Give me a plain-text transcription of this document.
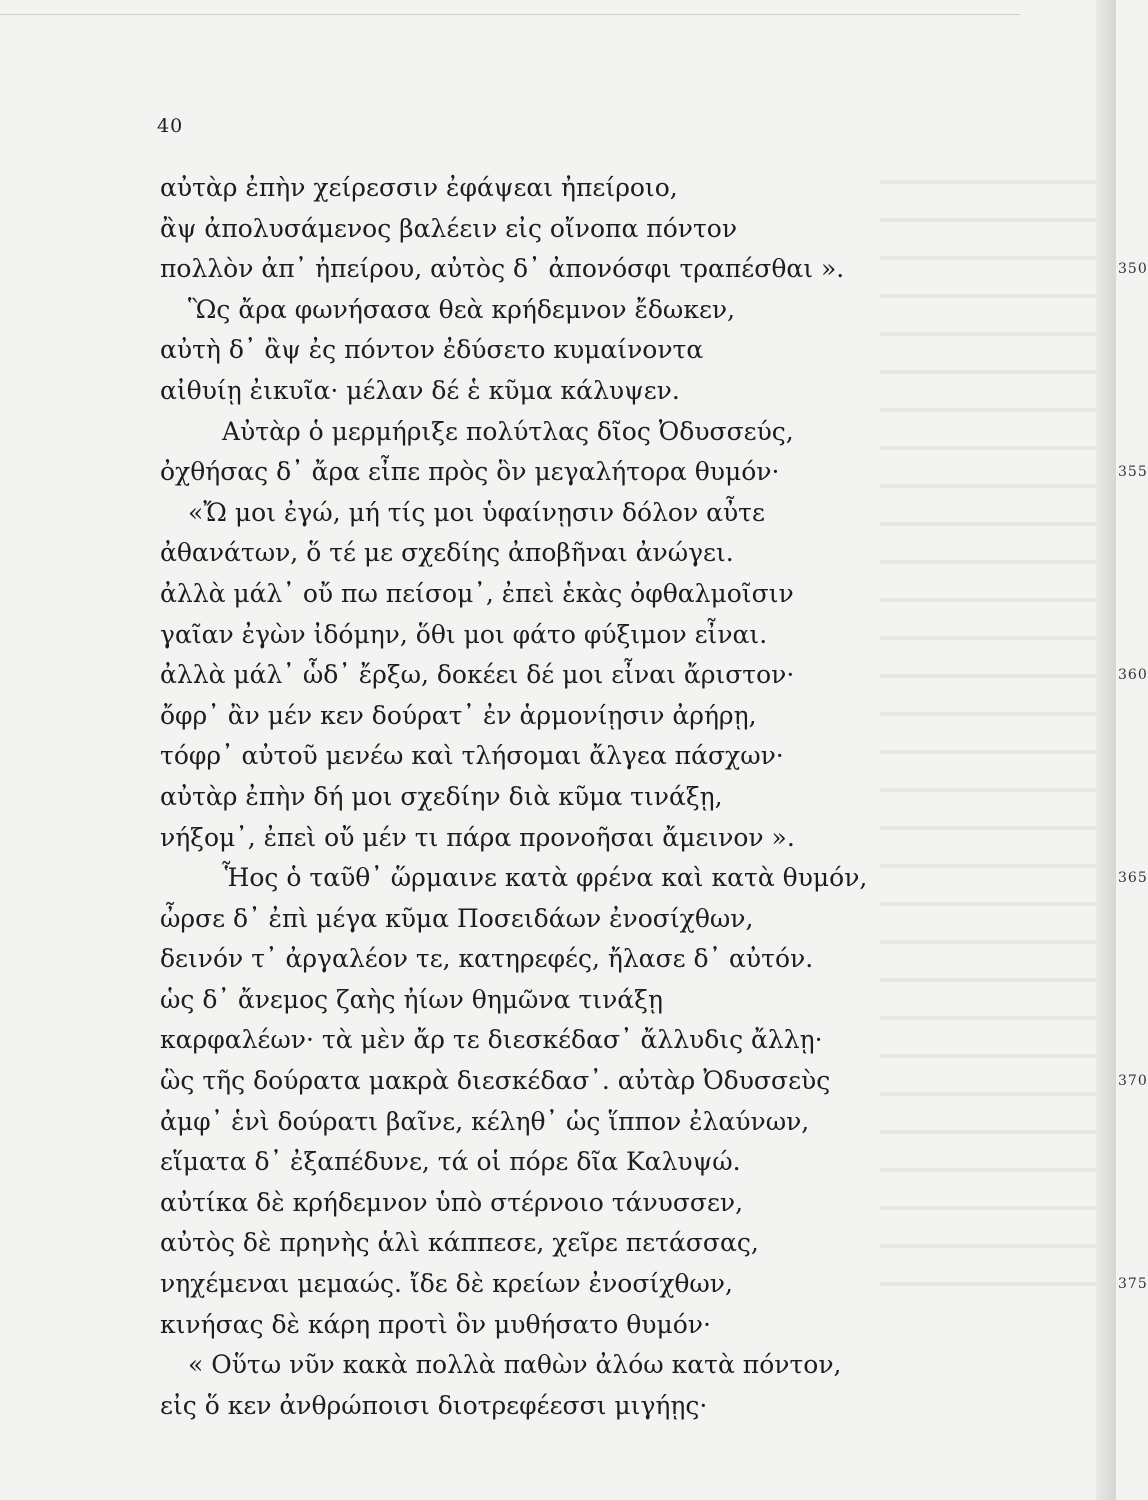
40
αὐτὰρ ἐπὴν χείρεσσιν ἐφάψεαι ἠπείροιο,
ἂψ ἀπολυσάμενος βαλέειν εἰς οἴνοπα πόντον
πολλὸν ἀπ᾽ ἠπείρου, αὐτὸς δ᾽ ἀπονόσφι τραπέσθαι ».	350
Ὣς ἄρα φωνήσασα θεὰ κρήδεμνον ἔδωκεν,
αὐτὴ δ᾽ ἂψ ἐς πόντον ἐδύσετο κυμαίνοντα
αἰθυίῃ ἐικυῖα· μέλαν δέ ἑ κῦμα κάλυψεν.
Αὐτὰρ ὁ μερμήριξε πολύτλας δῖος Ὀδυσσεύς,
ὀχθήσας δ᾽ ἄρα εἶπε πρὸς ὃν μεγαλήτορα θυμόν·	355
«Ὤ μοι ἐγώ, μή τίς μοι ὑφαίνῃσιν δόλον αὖτε
ἀθανάτων, ὅ τέ με σχεδίης ἀποβῆναι ἀνώγει.
ἀλλὰ μάλ᾽ οὔ πω πείσομ᾽, ἐπεὶ ἑκὰς ὀφθαλμοῖσιν
γαῖαν ἐγὼν ἰδόμην, ὅθι μοι φάτο φύξιμον εἶναι.
ἀλλὰ μάλ᾽ ὧδ᾽ ἔρξω, δοκέει δέ μοι εἶναι ἄριστον·	360
ὄφρ᾽ ἂν μέν κεν δούρατ᾽ ἐν ἁρμονίῃσιν ἀρήρῃ,
τόφρ᾽ αὐτοῦ μενέω καὶ τλήσομαι ἄλγεα πάσχων·
αὐτὰρ ἐπὴν δή μοι σχεδίην διὰ κῦμα τινάξῃ,
νήξομ᾽, ἐπεὶ οὔ μέν τι πάρα προνοῆσαι ἄμεινον ».
Ἧος ὁ ταῦθ᾽ ὥρμαινε κατὰ φρένα καὶ κατὰ θυμόν,	365
ὦρσε δ᾽ ἐπὶ μέγα κῦμα Ποσειδάων ἐνοσίχθων,
δεινόν τ᾽ ἀργαλέον τε, κατηρεφές, ἤλασε δ᾽ αὐτόν.
ὡς δ᾽ ἄνεμος ζαὴς ἠίων θημῶνα τινάξῃ
καρφαλέων· τὰ μὲν ἄρ τε διεσκέδασ᾽ ἄλλυδις ἄλλῃ·
ὣς τῆς δούρατα μακρὰ διεσκέδασ᾽. αὐτὰρ Ὀδυσσεὺς	370
ἀμφ᾽ ἑνὶ δούρατι βαῖνε, κέληθ᾽ ὡς ἵππον ἐλαύνων,
εἵματα δ᾽ ἐξαπέδυνε, τά οἱ πόρε δῖα Καλυψώ.
αὐτίκα δὲ κρήδεμνον ὑπὸ στέρνοιο τάνυσσεν,
αὐτὸς δὲ πρηνὴς ἁλὶ κάππεσε, χεῖρε πετάσσας,
νηχέμεναι μεμαώς. ἴδε δὲ κρείων ἐνοσίχθων,	375
κινήσας δὲ κάρη προτὶ ὃν μυθήσατο θυμόν·
« Οὕτω νῦν κακὰ πολλὰ παθὼν ἀλόω κατὰ πόντον,
εἰς ὅ κεν ἀνθρώποισι διοτρεφέεσσι μιγήῃς·
